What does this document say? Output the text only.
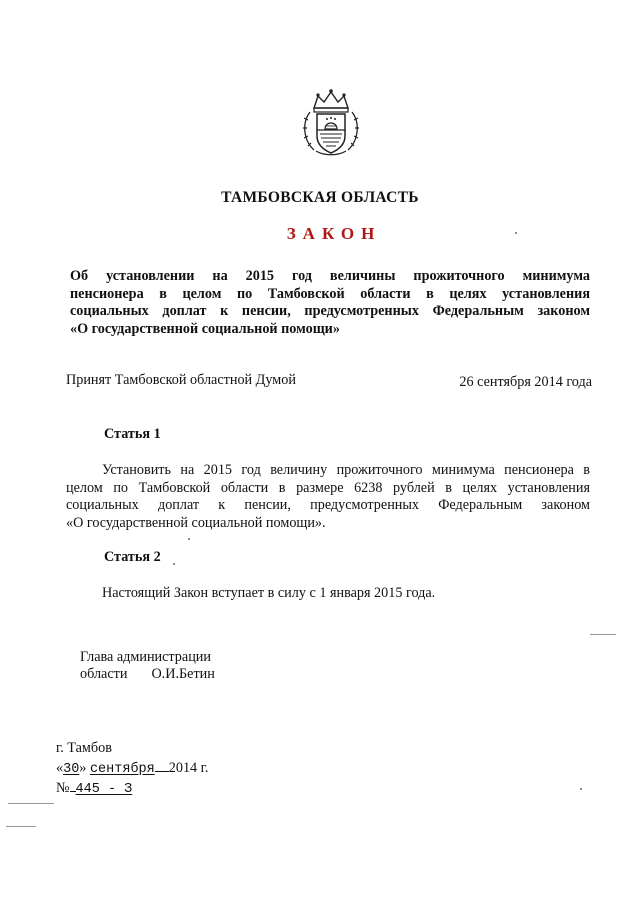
ТАМБОВСКАЯ ОБЛАСТЬ
ЗАКОН
Об установлении на 2015 год величины прожиточного минимума
пенсионера в целом по Тамбовской области в целях установления
социальных доплат к пенсии, предусмотренных Федеральным законом
«О государственной социальной помощи»
Принят Тамбовской областной Думой	26 сентября 2014 года
Статья 1
Установить на 2015 год величину прожиточного минимума пенсионера в
целом по Тамбовской области в размере 6238 рублей в целях установления
социальных доплат к пенсии, предусмотренных Федеральным законом
«О государственной социальной помощи».
Статья 2
Настоящий Закон вступает в силу с 1 января 2015 года.
Глава администрации
области О.И.Бетин
г. Тамбов
«30» сентября 2014 г.
№ 445 - З
